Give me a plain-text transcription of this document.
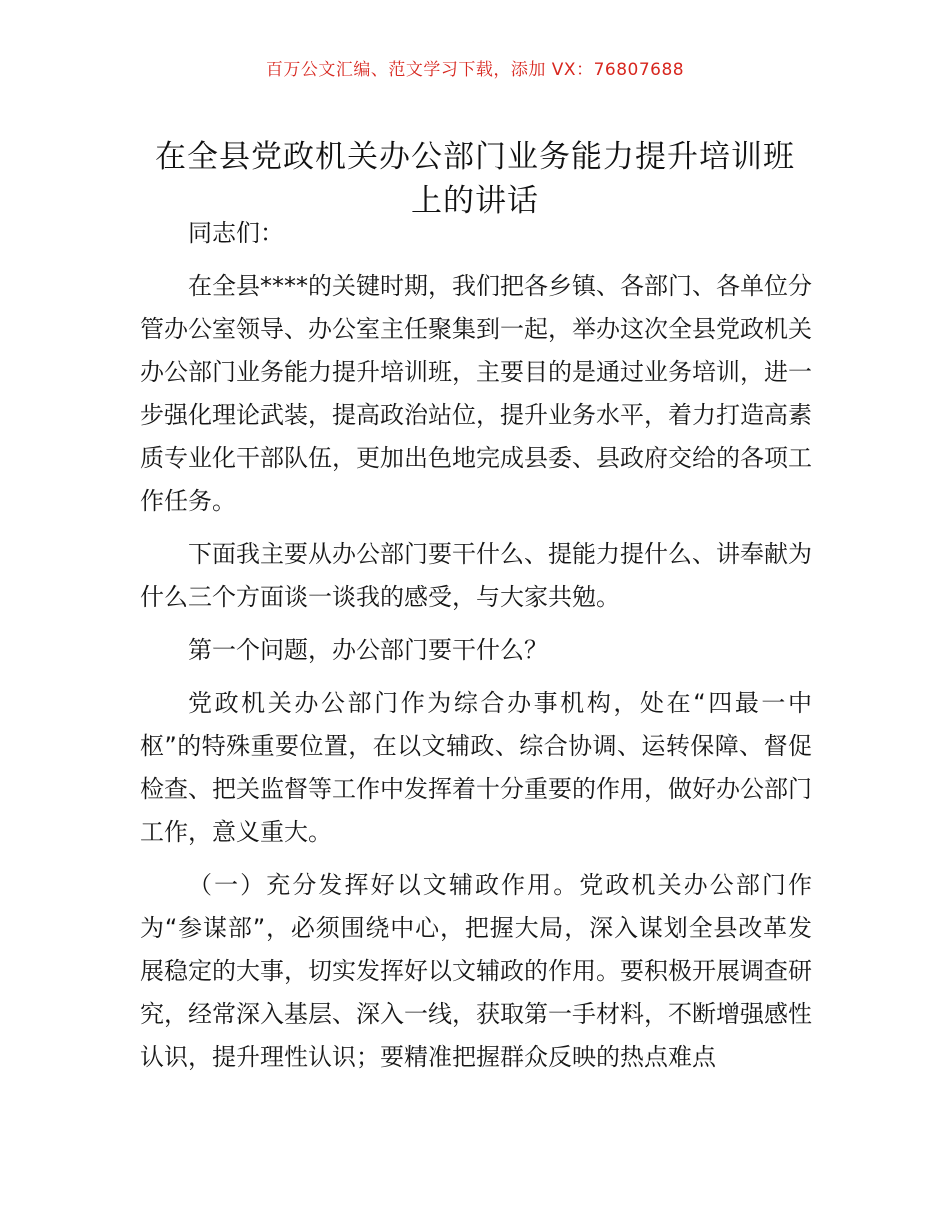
百万公文汇编、范文学习下载，添加 VX：76807688
在全县党政机关办公部门业务能力提升培训班
上的讲话

同志们：

在全县****的关键时期，我们把各乡镇、各部门、各单位分管办公室领导、办公室主任聚集到一起，举办这次全县党政机关办公部门业务能力提升培训班，主要目的是通过业务培训，进一步强化理论武装，提高政治站位，提升业务水平，着力打造高素质专业化干部队伍，更加出色地完成县委、县政府交给的各项工作任务。

下面我主要从办公部门要干什么、提能力提什么、讲奉献为什么三个方面谈一谈我的感受，与大家共勉。

第一个问题，办公部门要干什么？

党政机关办公部门作为综合办事机构，处在“四最一中枢”的特殊重要位置，在以文辅政、综合协调、运转保障、督促检查、把关监督等工作中发挥着十分重要的作用，做好办公部门工作，意义重大。

（一）充分发挥好以文辅政作用。党政机关办公部门作为“参谋部”，必须围绕中心，把握大局，深入谋划全县改革发展稳定的大事，切实发挥好以文辅政的作用。要积极开展调查研究，经常深入基层、深入一线，获取第一手材料，不断增强感性认识，提升理性认识；要精准把握群众反映的热点难点
